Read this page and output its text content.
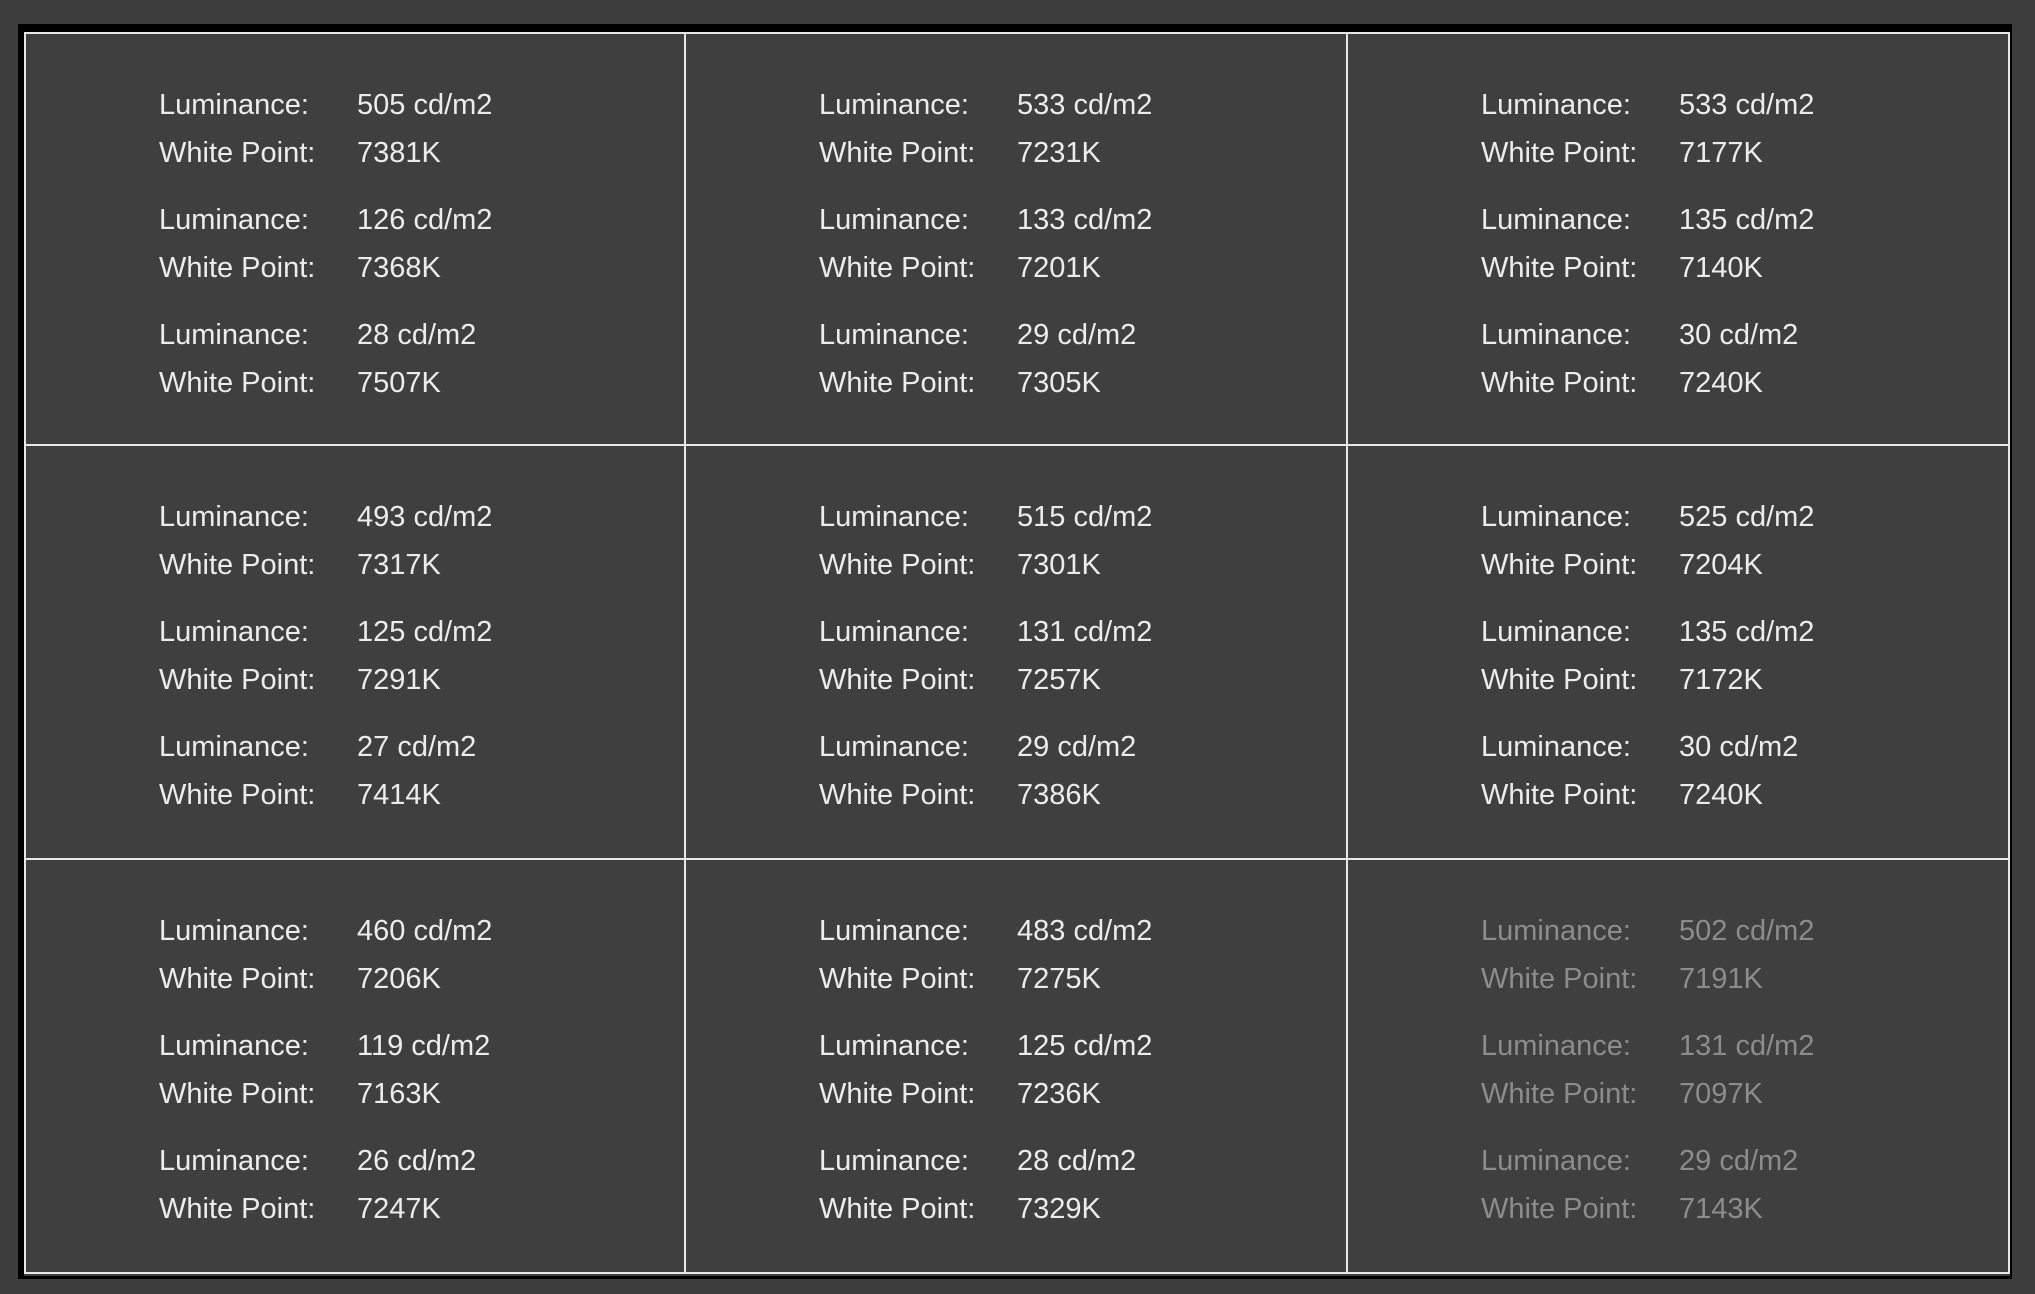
Luminance:	505 cd/m2
White Point:	7381K
Luminance:	126 cd/m2
White Point:	7368K
Luminance:	28 cd/m2
White Point:	7507K
Luminance:	533 cd/m2
White Point:	7231K
Luminance:	133 cd/m2
White Point:	7201K
Luminance:	29 cd/m2
White Point:	7305K
Luminance:	533 cd/m2
White Point:	7177K
Luminance:	135 cd/m2
White Point:	7140K
Luminance:	30 cd/m2
White Point:	7240K
Luminance:	493 cd/m2
White Point:	7317K
Luminance:	125 cd/m2
White Point:	7291K
Luminance:	27 cd/m2
White Point:	7414K
Luminance:	515 cd/m2
White Point:	7301K
Luminance:	131 cd/m2
White Point:	7257K
Luminance:	29 cd/m2
White Point:	7386K
Luminance:	525 cd/m2
White Point:	7204K
Luminance:	135 cd/m2
White Point:	7172K
Luminance:	30 cd/m2
White Point:	7240K
Luminance:	460 cd/m2
White Point:	7206K
Luminance:	119 cd/m2
White Point:	7163K
Luminance:	26 cd/m2
White Point:	7247K
Luminance:	483 cd/m2
White Point:	7275K
Luminance:	125 cd/m2
White Point:	7236K
Luminance:	28 cd/m2
White Point:	7329K
Luminance:	502 cd/m2
White Point:	7191K
Luminance:	131 cd/m2
White Point:	7097K
Luminance:	29 cd/m2
White Point:	7143K
